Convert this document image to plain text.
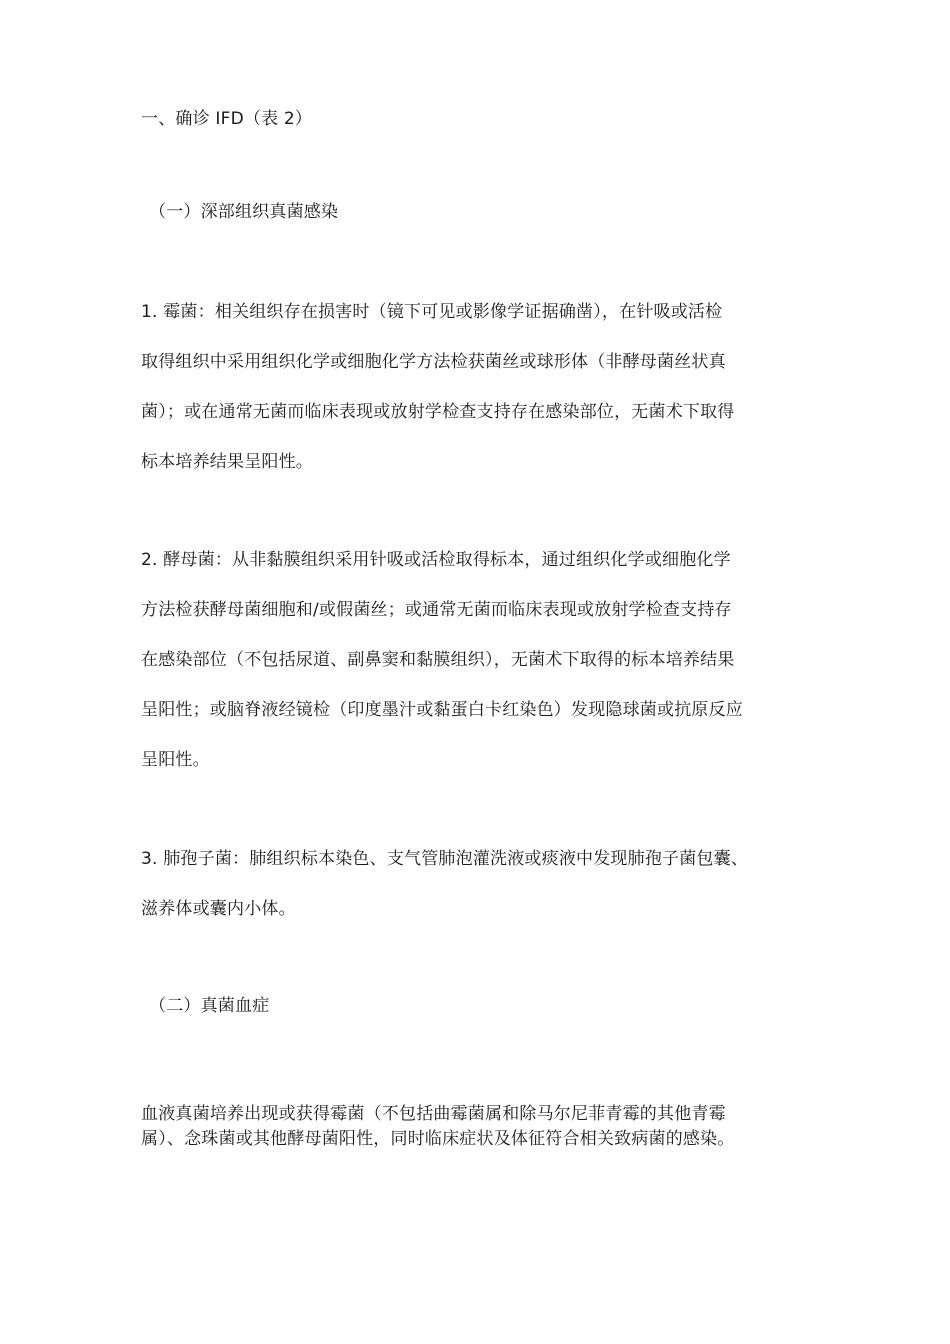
一、确诊 IFD（表 2）
（一）深部组织真菌感染
1. 霉菌：相关组织存在损害时（镜下可见或影像学证据确凿），在针吸或活检
取得组织中采用组织化学或细胞化学方法检获菌丝或球形体（非酵母菌丝状真
菌）；或在通常无菌而临床表现或放射学检查支持存在感染部位，无菌术下取得
标本培养结果呈阳性。
2. 酵母菌：从非黏膜组织采用针吸或活检取得标本，通过组织化学或细胞化学
方法检获酵母菌细胞和/或假菌丝；或通常无菌而临床表现或放射学检查支持存
在感染部位（不包括尿道、副鼻窦和黏膜组织），无菌术下取得的标本培养结果
呈阳性；或脑脊液经镜检（印度墨汁或黏蛋白卡红染色）发现隐球菌或抗原反应
呈阳性。
3. 肺孢子菌：肺组织标本染色、支气管肺泡灌洗液或痰液中发现肺孢子菌包囊、
滋养体或囊内小体。
（二）真菌血症
血液真菌培养出现或获得霉菌（不包括曲霉菌属和除马尔尼菲青霉的其他青霉
属）、念珠菌或其他酵母菌阳性，同时临床症状及体征符合相关致病菌的感染。
